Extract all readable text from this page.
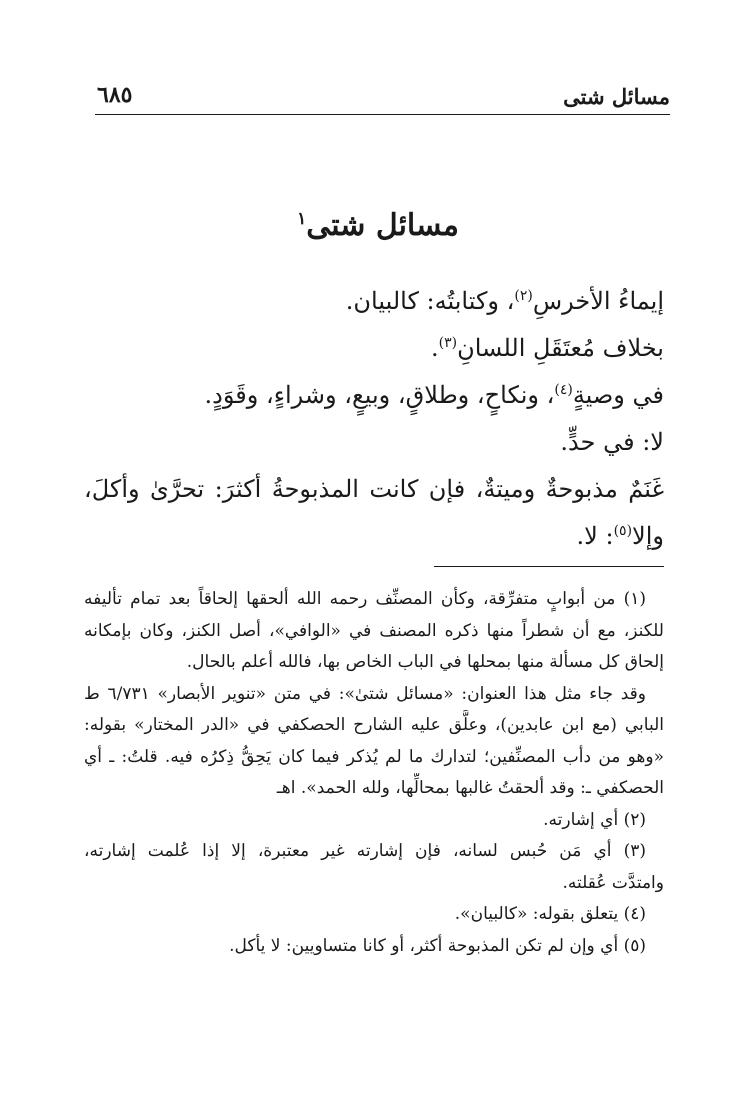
مسائل شتى
٦٨٥
مسائل شتى$^١$
إيماءُ الأخرسِ$^{(٢)}$، وكتابتُه: كالبيان.
بخلاف مُعتَقَلِ اللسانِ$^{(٣)}$.
في وصيةٍ$^{(٤)}$، ونكاحٍ، وطلاقٍ، وبيعٍ، وشراءٍ، وقَوَدٍ.
لا: في حدٍّ.
غَنَمٌ مذبوحةٌ وميتةٌ، فإن كانت المذبوحةُ أكثرَ: تحرَّىٰ وأكلَ،
وإلا$^{(٥)}$: لا.
(١) من أبوابٍ متفرِّقة، وكأن المصنِّف رحمه الله ألحقها إلحاقاً بعد تمام تأليفه
للكنز، مع أن شطراً منها ذكره المصنف في «الوافي»، أصل الكنز، وكان بإمكانه
إلحاق كل مسألة منها بمحلها في الباب الخاص بها، فالله أعلم بالحال.
وقد جاء مثل هذا العنوان: «مسائل شتىٰ»: في متن «تنوير الأبصار» ٦/٧٣١ ط
البابي (مع ابن عابدين)، وعلَّق عليه الشارح الحصكفي في «الدر المختار» بقوله:
«وهو من دأب المصنِّفين؛ لتدارك ما لم يُذكر فيما كان يَحِقُّ ذِكرُه فيه. قلتُ: ـ أي
الحصكفي ـ: وقد ألحقتُ غالبها بمحالِّها، ولله الحمد». اهـ
(٢) أي إشارته.
(٣) أي مَن حُبس لسانه، فإن إشارته غير معتبرة، إلا إذا عُلمت إشارته،
وامتدَّت عُقلته.
(٤) يتعلق بقوله: «كالبيان».
(٥) أي وإن لم تكن المذبوحة أكثر، أو كانا متساويين: لا يأكل.
